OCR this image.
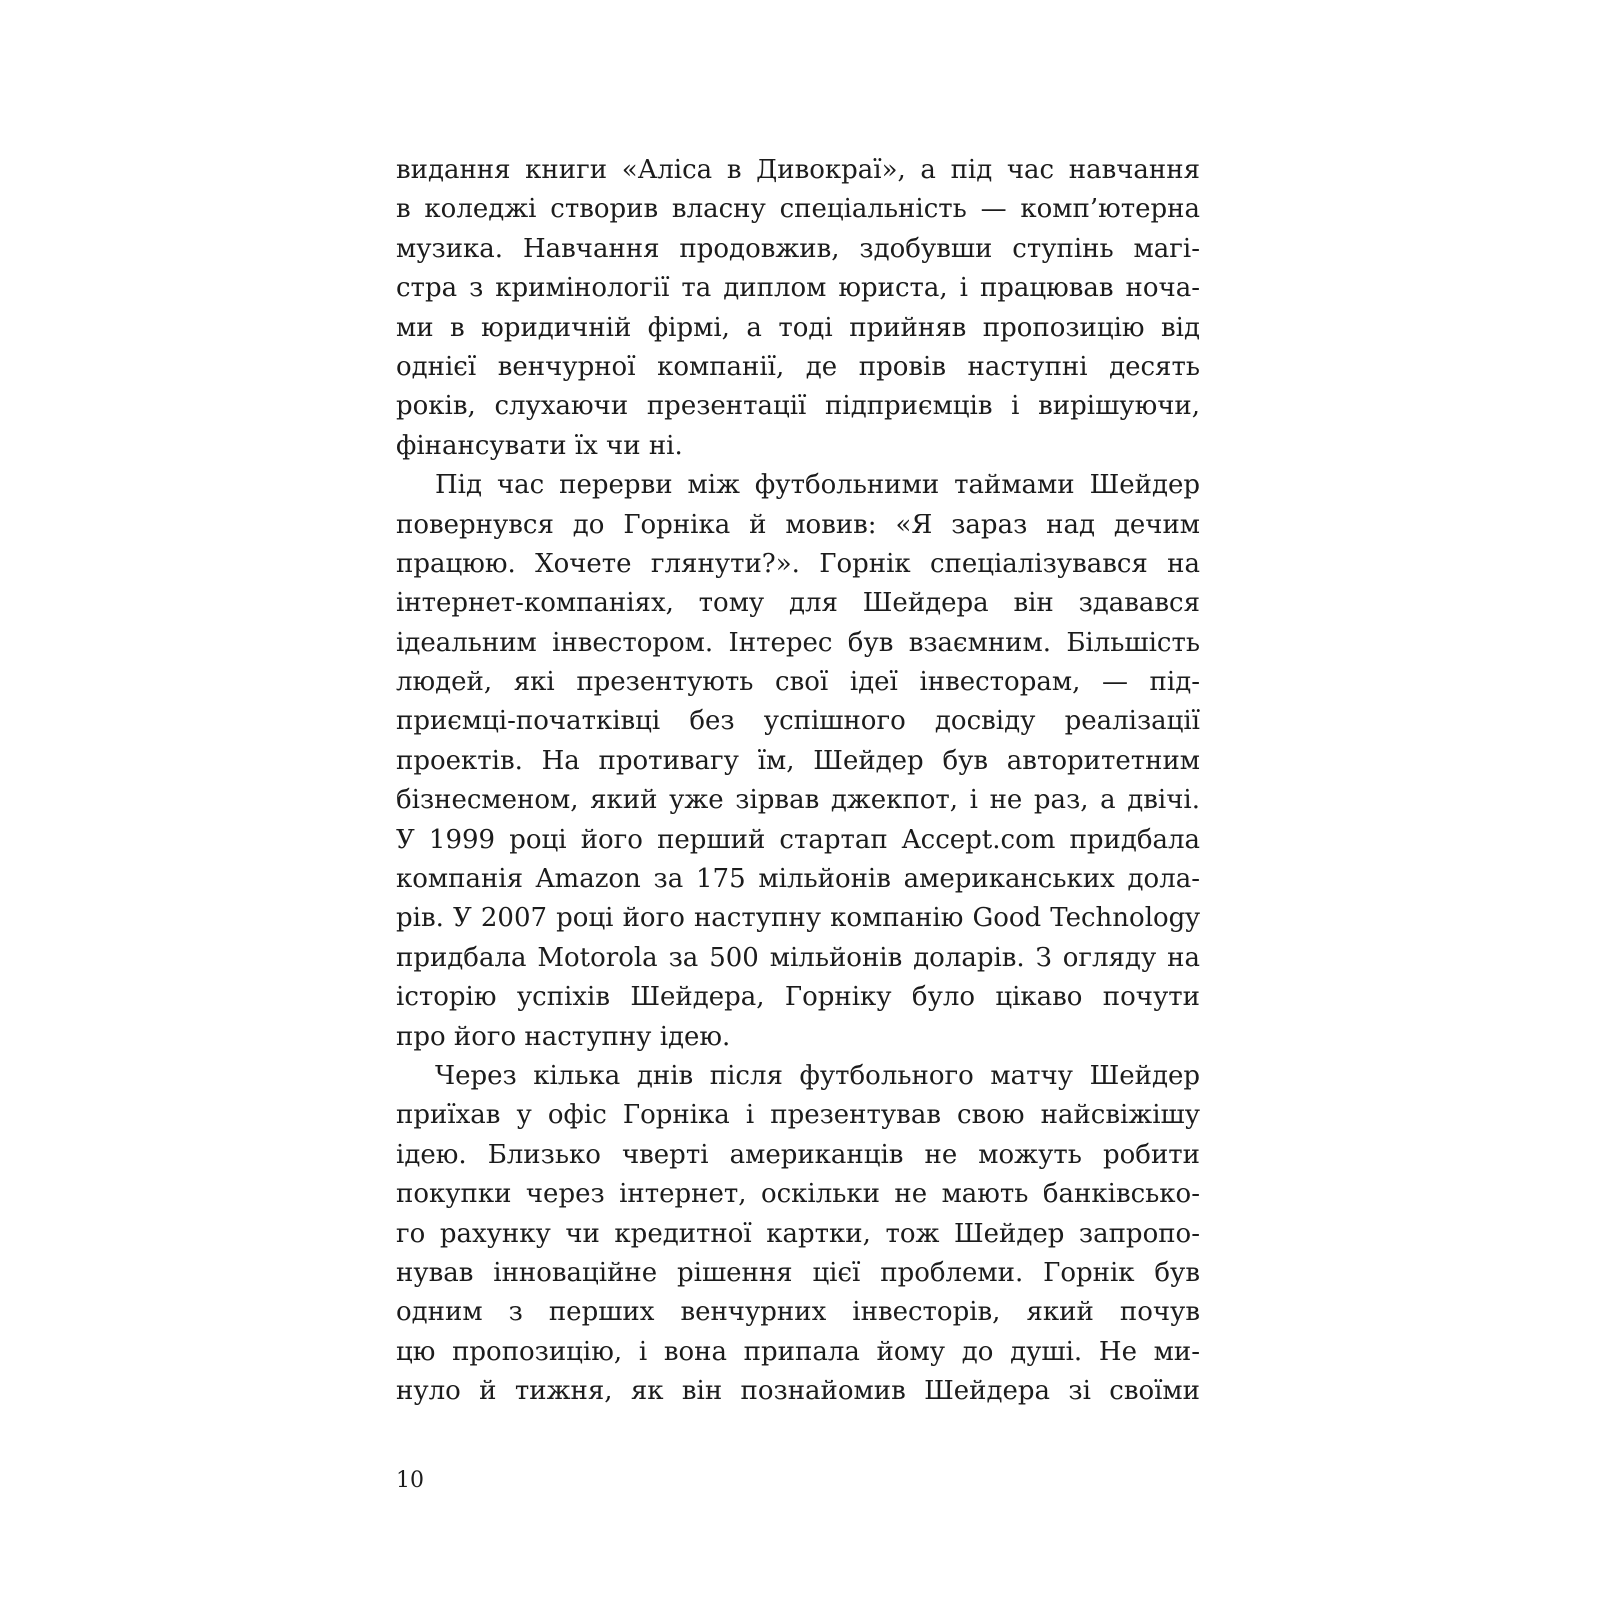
видання книги «Аліса в Дивокраї», а під час навчання
в коледжі створив власну спеціальність — комп’ютерна
музика. Навчання продовжив, здобувши ступінь магі-
стра з кримінології та диплом юриста, і працював ноча-
ми в юридичній фірмі, а тоді прийняв пропозицію від
однієї венчурної компанії, де провів наступні десять
років, слухаючи презентації підприємців і вирішуючи,
фінансувати їх чи ні.
Під час перерви між футбольними таймами Шейдер
повернувся до Горніка й мовив: «Я зараз над дечим
працюю. Хочете глянути?». Горнік спеціалізувався на
інтернет-компаніях, тому для Шейдера він здавався
ідеальним інвестором. Інтерес був взаємним. Більшість
людей, які презентують свої ідеї інвесторам, — під-
приємці-початківці без успішного досвіду реалізації
проектів. На противагу їм, Шейдер був авторитетним
бізнесменом, який уже зірвав джекпот, і не раз, а двічі.
У 1999 році його перший стартап Accept.com придбала
компанія Amazon за 175 мільйонів американських дола-
рів. У 2007 році його наступну компанію Good Technology
придбала Motorola за 500 мільйонів доларів. З огляду на
історію успіхів Шейдера, Горніку було цікаво почути
про його наступну ідею.
Через кілька днів після футбольного матчу Шейдер
приїхав у офіс Горніка і презентував свою найсвіжішу
ідею. Близько чверті американців не можуть робити
покупки через інтернет, оскільки не мають банківсько-
го рахунку чи кредитної картки, тож Шейдер запропо-
нував інноваційне рішення цієї проблеми. Горнік був
одним з перших венчурних інвесторів, який почув
цю пропозицію, і вона припала йому до душі. Не ми-
нуло й тижня, як він познайомив Шейдера зі своїми
10
